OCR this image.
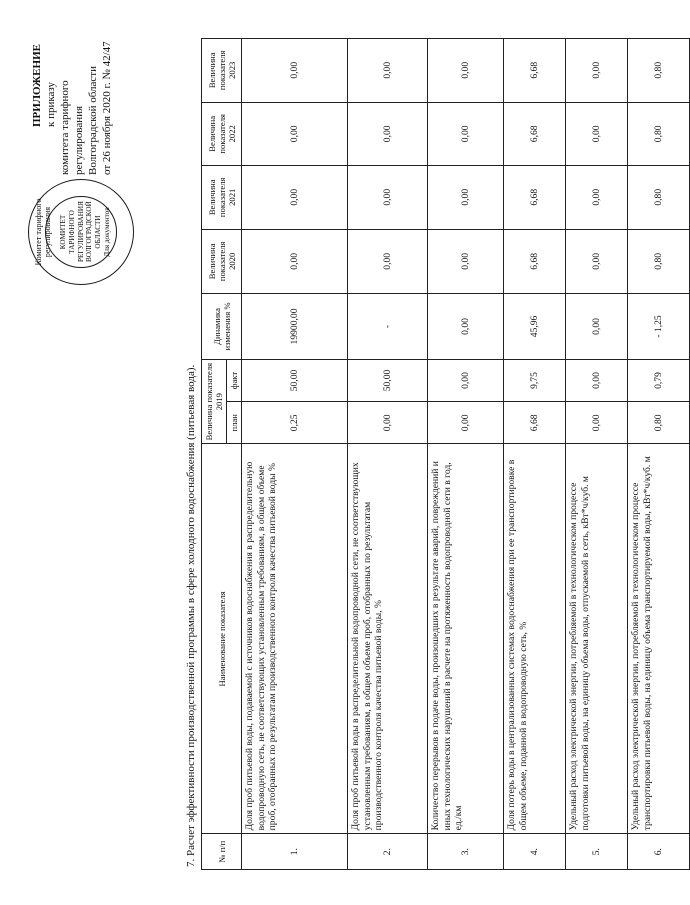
Комитет тарифного регулирования КОМИТЕТ ТАРИФНОГО РЕГУЛИРОВАНИЯ ВОЛГОГРАДСКОЙ ОБЛАСТИ Для документов
ПРИЛОЖЕНИЕ к приказу комитета тарифного регулирования Волгоградской области от 26 ноября 2020 г. № 42/47
7. Расчет эффективности производственной программы в сфере холодного водоснабжения (питьевая вода). № п/п	Наименование показателя	Величина показателя 2019		Динамика изменения %	Величина показателя 2020	Величина показателя 2021	Величина показателя 2022	Величина показателя 2023
		план	факт					
1.	Доля проб питьевой воды, подаваемой с источников водоснабжения в распределительную водопроводную сеть, не соответствующих установленным требованиям, в общем объеме проб, отобранных по результатам производственного контроля качества питьевой воды %	0,25	50,00	19900,00	0,00	0,00	0,00	0,00
2.	Доля проб питьевой воды в распределительной водопроводной сети, не соответствующих установленным требованиям, в общем объеме проб, отобранных по результатам производственного контроля качества питьевой воды, %	0,00	50,00	-	0,00	0,00	0,00	0,00
3.	Количество перерывов в подаче воды, произошедших в результате аварий, повреждений и иных технологических нарушений в расчете на протяженность водопроводной сети в год, ед./км	0,00	0,00	0,00	0,00	0,00	0,00	0,00
4.	Доля потерь воды в централизованных системах водоснабжения при ее транспортировке в общем объеме, поданной в водопроводную сеть, %	6,68	9,75	45,96	6,68	6,68	6,68	6,68
5.	Удельный расход электрической энергии, потребляемой в технологическом процессе подготовки питьевой воды, на единицу объема воды, отпускаемой в сеть, кВт*ч/куб. м	0,00	0,00	0,00	0,00	0,00	0,00	0,00
6.	Удельный расход электрической энергии, потребляемой в технологическом процессе транспортировки питьевой воды, на единицу объема транспортируемой воды, кВт*ч/куб. м	0,80	0,79	- 1,25	0,80	0,80	0,80	0,80
